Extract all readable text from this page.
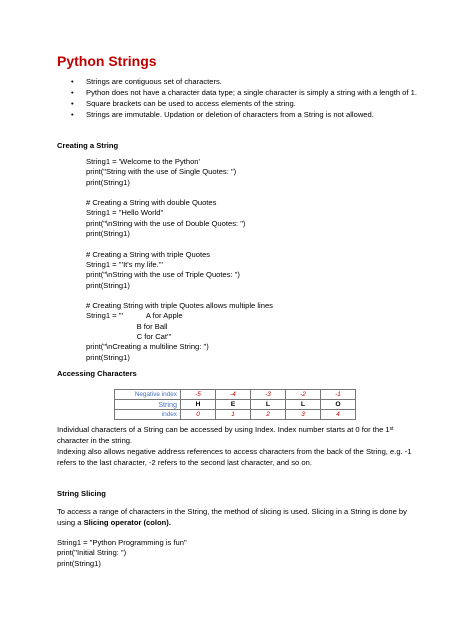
Python Strings
• Strings are contiguous set of characters.
• Python does not have a character data type; a single character is simply a string with a length of 1.
• Square brackets can be used to access elements of the string.
• Strings are immutable. Updation or deletion of characters from a String is not allowed.
Creating a String
String1 = 'Welcome to the Python'
print("String with the use of Single Quotes: ")
print(String1)
# Creating a String with double Quotes
String1 = "Hello World"
print("\nString with the use of Double Quotes: ")
print(String1)
# Creating a String with triple Quotes
String1 = '''It's my life.'''
print("\nString with the use of Triple Quotes: ")
print(String1)
# Creating String with triple Quotes allows multiple lines
String1 = '''           A for Apple
B for Ball
C for Cat'''
print("\nCreating a multiline String: ")
print(String1)
Accessing Characters
Negative index	-5	-4	-3	-2	-1
String	H	E	L	L	O
index	0	1	2	3	4

Individual characters of a String can be accessed by using Index. Index number starts at 0 for the 1st character in the string.

Indexing also allows negative address references to access characters from the back of the String, e.g. -1 refers to the last character, -2 refers to the second last character, and so on.

String Slicing

To access a range of characters in the String, the method of slicing is used. Slicing in a String is done by using a Slicing operator (colon).

String1 = "Python Programming is fun"
print("Initial String: ")
print(String1)
